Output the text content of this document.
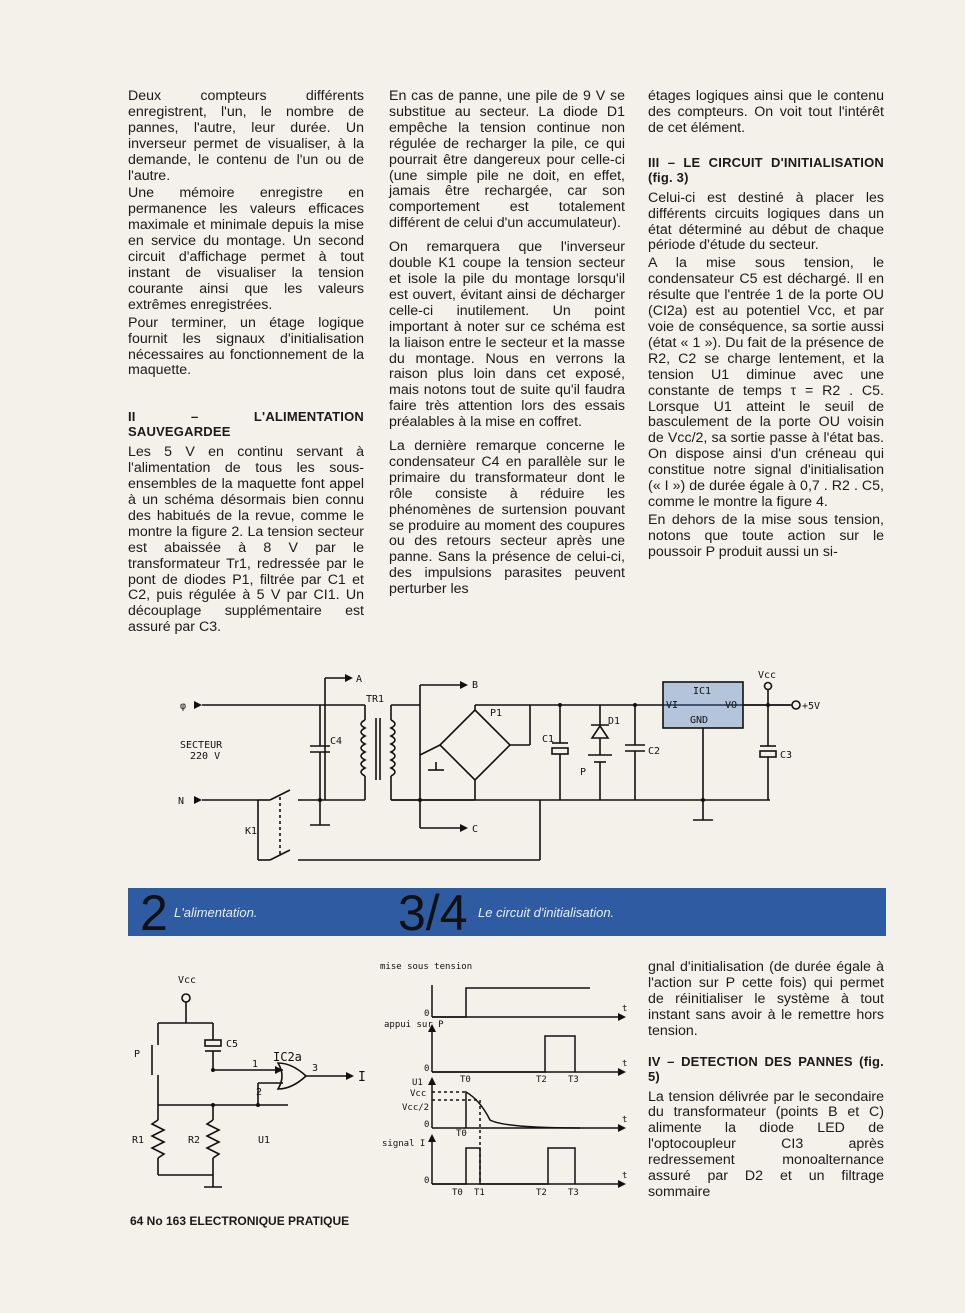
Deux compteurs différents enregistrent, l'un, le nombre de pannes, l'autre, leur durée. Un inverseur permet de visualiser, à la demande, le contenu de l'un ou de l'autre.

Une mémoire enregistre en permanence les valeurs efficaces maximale et minimale depuis la mise en service du montage. Un second circuit d'affichage permet à tout instant de visualiser la tension courante ainsi que les valeurs extrêmes enregistrées.

Pour terminer, un étage logique fournit les signaux d'initialisation nécessaires au fonctionnement de la maquette.

II – L'ALIMENTATION SAUVEGARDEE

Les 5 V en continu servant à l'alimentation de tous les sous-ensembles de la maquette font appel à un schéma désormais bien connu des habitués de la revue, comme le montre la figure 2. La tension secteur est abaissée à 8 V par le transformateur Tr1, redressée par le pont de diodes P1, filtrée par C1 et C2, puis régulée à 5 V par CI1. Un découplage supplémentaire est assuré par C3.

En cas de panne, une pile de 9 V se substitue au secteur. La diode D1 empêche la tension continue non régulée de recharger la pile, ce qui pourrait être dangereux pour celle-ci (une simple pile ne doit, en effet, jamais être rechargée, car son comportement est totalement différent de celui d'un accumulateur).

On remarquera que l'inverseur double K1 coupe la tension secteur et isole la pile du montage lorsqu'il est ouvert, évitant ainsi de décharger celle-ci inutilement. Un point important à noter sur ce schéma est la liaison entre le secteur et la masse du montage. Nous en verrons la raison plus loin dans cet exposé, mais notons tout de suite qu'il faudra faire très attention lors des essais préalables à la mise en coffret.

La dernière remarque concerne le condensateur C4 en parallèle sur le primaire du transformateur dont le rôle consiste à réduire les phénomènes de surtension pouvant se produire au moment des coupures ou des retours secteur après une panne. Sans la présence de celui-ci, des impulsions parasites peuvent perturber les

étages logiques ainsi que le contenu des compteurs. On voit tout l'intérêt de cet élément.

III – LE CIRCUIT D'INITIALISATION (fig. 3)

Celui-ci est destiné à placer les différents circuits logiques dans un état déterminé au début de chaque période d'étude du secteur.

A la mise sous tension, le condensateur C5 est déchargé. Il en résulte que l'entrée 1 de la porte OU (CI2a) est au potentiel Vcc, et par voie de conséquence, sa sortie aussi (état « 1 »). Du fait de la présence de R2, C2 se charge lentement, et la tension U1 diminue avec une constante de temps τ = R2 . C5. Lorsque U1 atteint le seuil de basculement de la porte OU voisin de Vcc/2, sa sortie passe à l'état bas. On dispose ainsi d'un créneau qui constitue notre signal d'initialisation (« I ») de durée égale à 0,7 . R2 . C5, comme le montre la figure 4.

En dehors de la mise sous tension, notons que toute action sur le poussoir P produit aussi un si-

gnal d'initialisation (de durée égale à l'action sur P cette fois) qui permet de réinitialiser le système à tout instant sans avoir à le remettre hors tension.

IV – DETECTION DES PANNES (fig. 5)

La tension délivrée par le secondaire du transformateur (points B et C) alimente la diode LED de l'optocoupleur CI3 après redressement monoalternance assuré par D2 et un filtrage sommaire

A
TR1
B
P1
C
φ
N
SECTEUR
220 V
C4
K1
C1
D1
P
C2
IC1
VI	VO
GND
Vcc
+5V
C3
2 L'alimentation.	3/4 Le circuit d'initialisation.
Vcc
C5
IC2a
P
R1	R2	U1
1
2
3
I
mise sous tension
appui sur P
U1
Vcc
Vcc/2
signal I
0
0
0
0
t
t
t
t
T0	T2 T3
T0
T0 T1	T2 T3
64 No 163 ELECTRONIQUE PRATIQUE
